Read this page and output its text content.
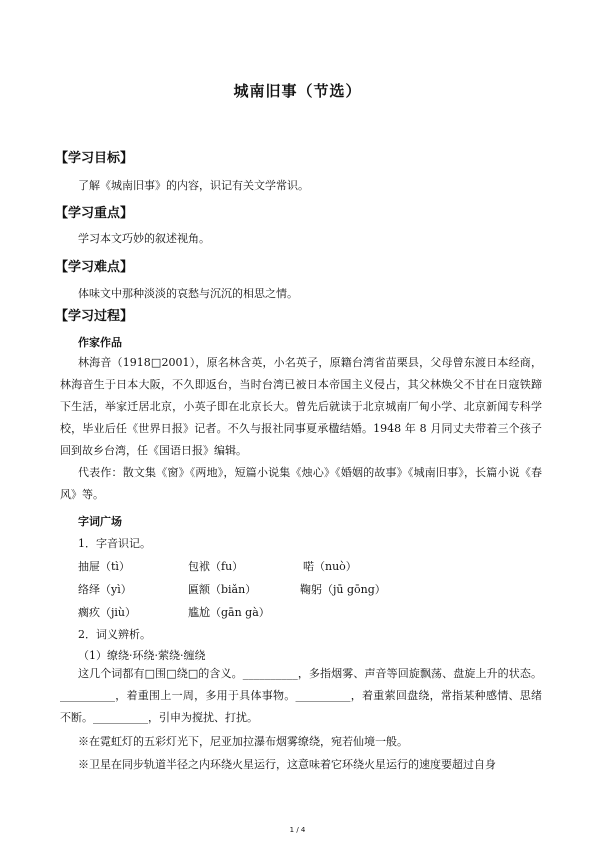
城南旧事（节选）
【学习目标】
了解《城南旧事》的内容，识记有关文学常识。
【学习重点】
学习本文巧妙的叙述视角。
【学习难点】
体味文中那种淡淡的哀愁与沉沉的相思之情。
【学习过程】
作家作品
林海音（1918□2001），原名林含英，小名英子，原籍台湾省苗栗县，父母曾东渡日本经商，林海音生于日本大阪，不久即返台，当时台湾已被日本帝国主义侵占，其父林焕父不甘在日寇铁蹄下生活，举家迁居北京，小英子即在北京长大。曾先后就读于北京城南厂甸小学、北京新闻专科学校，毕业后任《世界日报》记者。不久与报社同事夏承楹结婚。1948 年 8 月同丈夫带着三个孩子回到故乡台湾，任《国语日报》编辑。
代表作：散文集《窗》《两地》，短篇小说集《烛心》《婚姻的故事》《城南旧事》，长篇小说《春风》等。
字词广场
1．字音识记。
抽屉（tì）	包袱（fu）	喏（nuò）
络绎（yì）	匾额（biǎn）	鞠躬（jū gōng）
瘸疚（jiù）	尴尬（gān gà）
2．词义辨析。
（1）缭绕·环绕·萦绕·缠绕
这几个词都有□围□绕□的含义。__________，多指烟雾、声音等回旋飘荡、盘旋上升的状态。__________，着重围上一周，多用于具体事物。__________，着重萦回盘绕，常指某种感情、思绪不断。__________，引申为搅扰、打扰。
※在霓虹灯的五彩灯光下，尼亚加拉瀑布烟雾缭绕，宛若仙境一般。
※卫星在同步轨道半径之内环绕火星运行，这意味着它环绕火星运行的速度要超过自身
1 / 4
